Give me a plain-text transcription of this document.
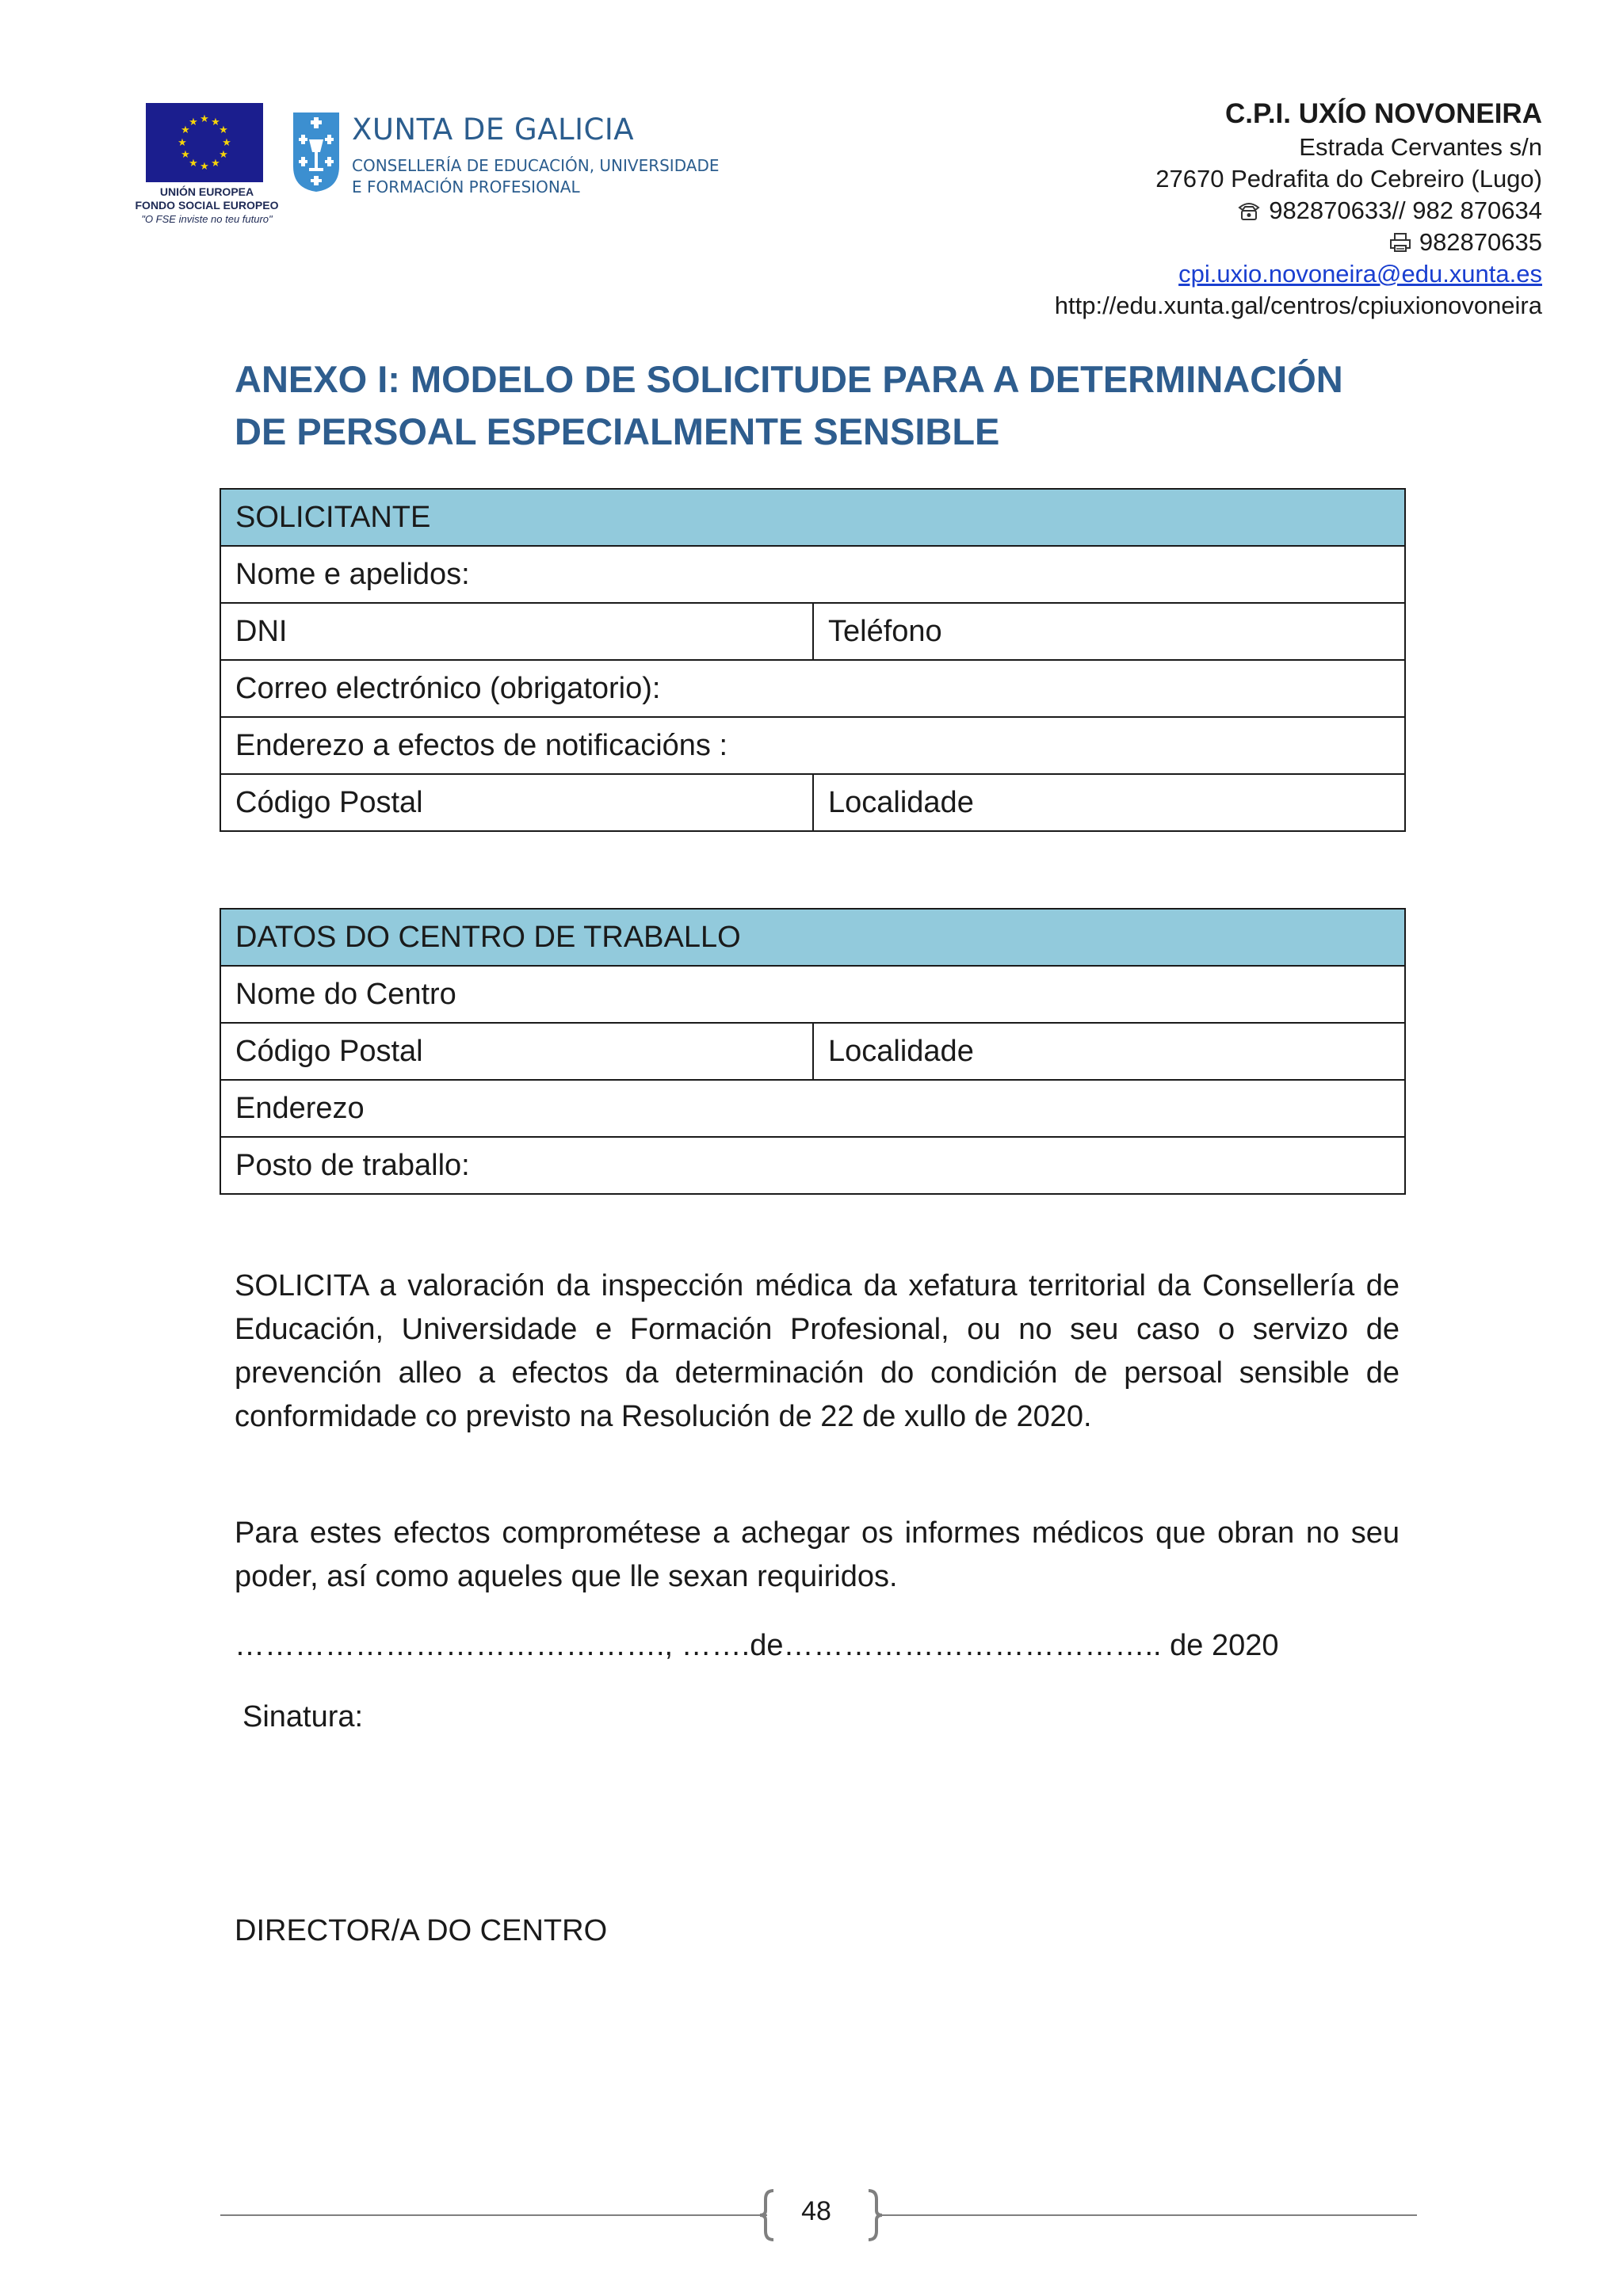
★ ★
★
★
★
★
★
★
★
★
★
★
UNIÓN EUROPEA
FONDO SOCIAL EUROPEO
"O FSE inviste no teu futuro"
XUNTA DE GALICIA
CONSELLERÍA DE EDUCACIÓN, UNIVERSIDADE
E FORMACIÓN PROFESIONAL
C.P.I. UXÍO NOVONEIRA
Estrada Cervantes s/n
27670 Pedrafita do Cebreiro (Lugo)
982870633// 982 870634
982870635
cpi.uxio.novoneira@edu.xunta.es
http://edu.xunta.gal/centros/cpiuxionovoneira
ANEXO I: MODELO DE SOLICITUDE PARA A DETERMINACIÓN
DE PERSOAL ESPECIALMENTE SENSIBLE
SOLICITANTE	
Nome e apelidos:	
DNI	Teléfono
Correo electrónico (obrigatorio):	
Enderezo a efectos de notificacións :	
Código Postal	Localidade
DATOS DO CENTRO DE TRABALLO
Nome do Centro
Código Postal	Localidade
Enderezo
Posto de traballo:
SOLICITA a valoración da inspección médica da xefatura territorial da Consellería de Educación, Universidade e Formación Profesional, ou no seu caso o servizo de prevención alleo a efectos da determinación do condición de persoal sensible de conformidade co previsto na Resolución de 22 de xullo de 2020.
Para estes efectos comprométese a achegar os informes médicos que obran no seu poder, así como aqueles que lle sexan requiridos.
……………………………………., …….de……………………………….. de 2020
Sinatura:
DIRECTOR/A DO CENTRO
48
